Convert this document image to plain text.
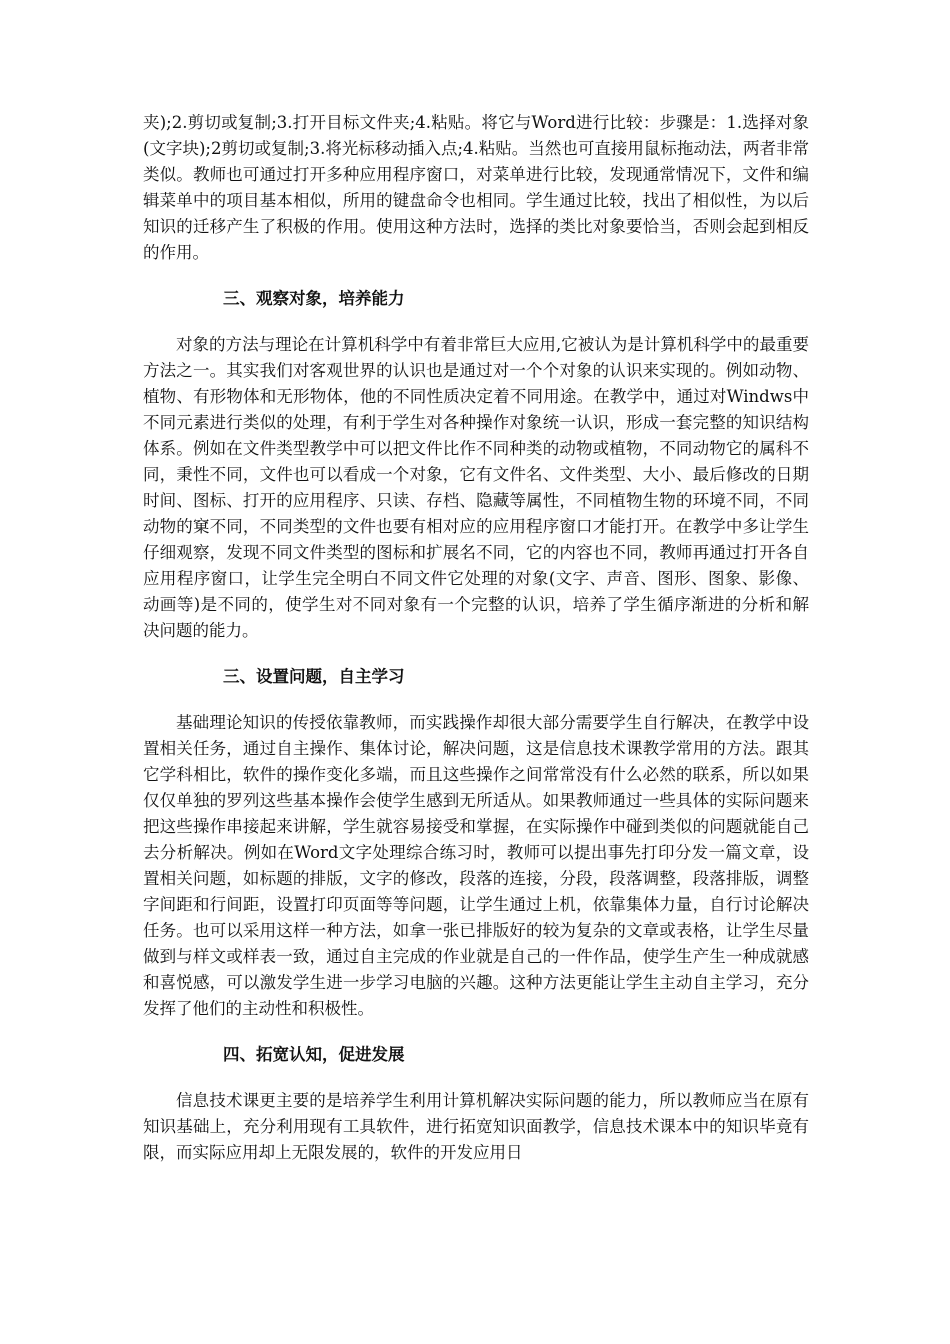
夹);2.剪切或复制;3.打开目标文件夹;4.粘贴。将它与Word进行比较：步骤是：1.选择对象(文字块);2剪切或复制;3.将光标移动插入点;4.粘贴。当然也可直接用鼠标拖动法，两者非常类似。教师也可通过打开多种应用程序窗口，对菜单进行比较，发现通常情况下，文件和编辑菜单中的项目基本相似，所用的键盘命令也相同。学生通过比较，找出了相似性，为以后知识的迁移产生了积极的作用。使用这种方法时，选择的类比对象要恰当，否则会起到相反的作用。

三、观察对象，培养能力

对象的方法与理论在计算机科学中有着非常巨大应用,它被认为是计算机科学中的最重要方法之一。其实我们对客观世界的认识也是通过对一个个对象的认识来实现的。例如动物、植物、有形物体和无形物体，他的不同性质决定着不同用途。在教学中，通过对Windws中不同元素进行类似的处理，有利于学生对各种操作对象统一认识，形成一套完整的知识结构体系。例如在文件类型教学中可以把文件比作不同种类的动物或植物，不同动物它的属科不同，秉性不同，文件也可以看成一个对象，它有文件名、文件类型、大小、最后修改的日期时间、图标、打开的应用程序、只读、存档、隐藏等属性，不同植物生物的环境不同，不同动物的窠不同，不同类型的文件也要有相对应的应用程序窗口才能打开。在教学中多让学生仔细观察，发现不同文件类型的图标和扩展名不同，它的内容也不同，教师再通过打开各自应用程序窗口，让学生完全明白不同文件它处理的对象(文字、声音、图形、图象、影像、动画等)是不同的，使学生对不同对象有一个完整的认识，培养了学生循序渐进的分析和解决问题的能力。

三、设置问题，自主学习

基础理论知识的传授依靠教师，而实践操作却很大部分需要学生自行解决，在教学中设置相关任务，通过自主操作、集体讨论，解决问题，这是信息技术课教学常用的方法。跟其它学科相比，软件的操作变化多端，而且这些操作之间常常没有什么必然的联系，所以如果仅仅单独的罗列这些基本操作会使学生感到无所适从。如果教师通过一些具体的实际问题来把这些操作串接起来讲解，学生就容易接受和掌握，在实际操作中碰到类似的问题就能自己去分析解决。例如在Word文字处理综合练习时，教师可以提出事先打印分发一篇文章，设置相关问题，如标题的排版，文字的修改，段落的连接，分段，段落调整，段落排版，调整字间距和行间距，设置打印页面等等问题，让学生通过上机，依靠集体力量，自行讨论解决任务。也可以采用这样一种方法，如拿一张已排版好的较为复杂的文章或表格，让学生尽量做到与样文或样表一致，通过自主完成的作业就是自己的一件作品，使学生产生一种成就感和喜悦感，可以激发学生进一步学习电脑的兴趣。这种方法更能让学生主动自主学习，充分发挥了他们的主动性和积极性。

四、拓宽认知，促进发展

信息技术课更主要的是培养学生利用计算机解决实际问题的能力，所以教师应当在原有知识基础上，充分利用现有工具软件，进行拓宽知识面教学，信息技术课本中的知识毕竟有限，而实际应用却上无限发展的，软件的开发应用日
